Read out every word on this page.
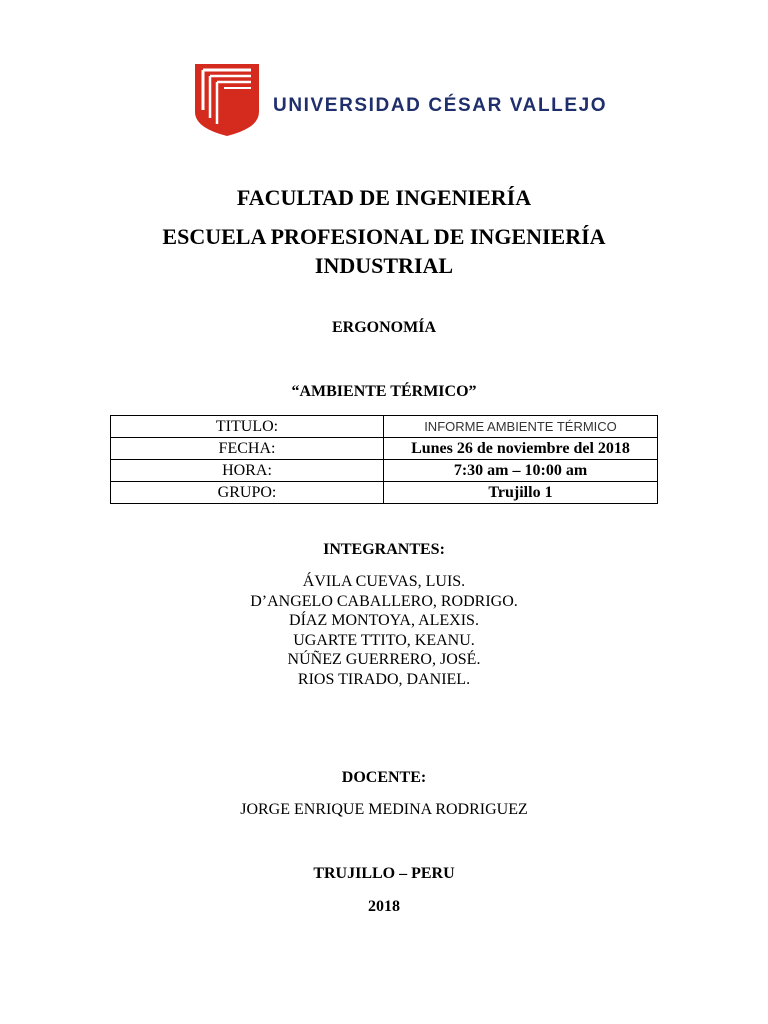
UNIVERSIDAD CÉSAR VALLEJO
FACULTAD DE INGENIERÍA
ESCUELA PROFESIONAL DE INGENIERÍA
INDUSTRIAL
ERGONOMÍA
“AMBIENTE TÉRMICO”
TITULO:	INFORME AMBIENTE TÉRMICO
FECHA:	Lunes 26 de noviembre del 2018
HORA:	7:30 am – 10:00 am
GRUPO:	Trujillo 1
INTEGRANTES:
ÁVILA CUEVAS, LUIS.
D’ANGELO CABALLERO, RODRIGO.
DÍAZ MONTOYA, ALEXIS.
UGARTE TTITO, KEANU.
NÚÑEZ GUERRERO, JOSÉ.
RIOS TIRADO, DANIEL.
DOCENTE:
JORGE ENRIQUE MEDINA RODRIGUEZ
TRUJILLO – PERU
2018
